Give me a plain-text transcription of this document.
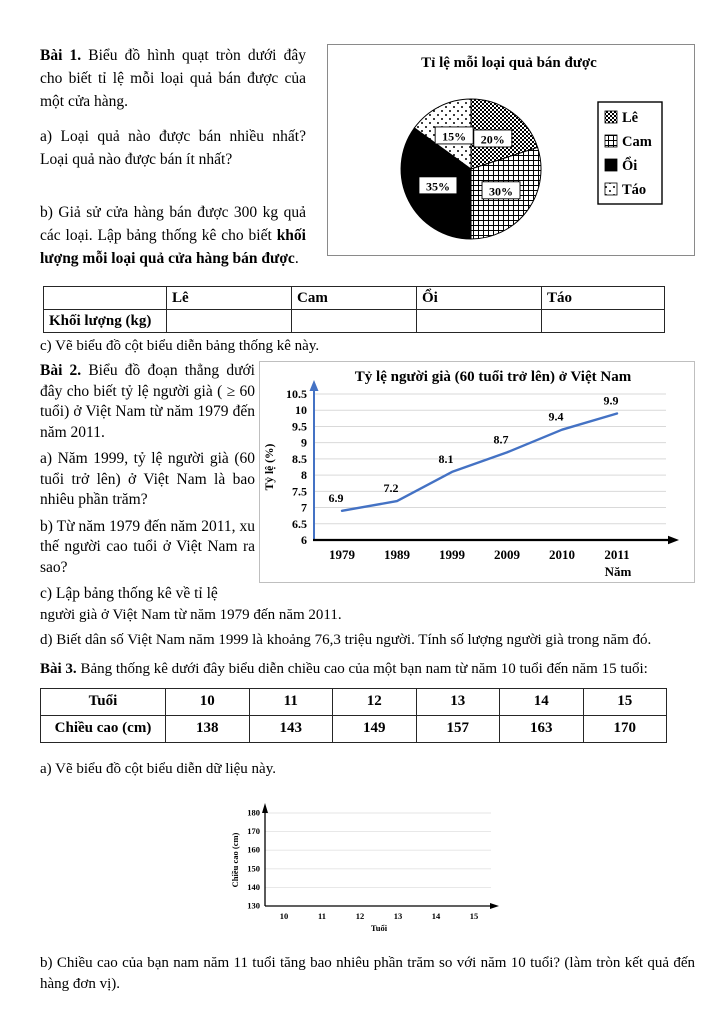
Tỉ lệ mỗi loại quả bán được
20%
30%
35%
15%
Lê
Cam
Ổi
Táo

Bài 1. Biểu đồ hình quạt tròn dưới đây cho biết tỉ lệ mỗi loại quả bán được của một cửa hàng.

a) Loại quả nào được bán nhiều nhất? Loại quả nào được bán ít nhất?

b) Giả sử cửa hàng bán được 300 kg quả các loại. Lập bảng thống kê cho biết khối lượng mỗi loại quả cửa hàng bán được.

	Lê	Cam	Ổi	Táo
Khối lượng (kg)				

c) Vẽ biểu đồ cột biểu diễn bảng thống kê này.

6
6.5
7
7.5
8
8.5
9
9.5
10
10.5
1979 1989 1999 2009 2010 2011
6.9
7.2
8.1
8.7
9.4
9.9
Năm
Tỷ lệ (%)
Tỷ lệ người già (60 tuổi trở lên) ở Việt Nam

Bài 2. Biểu đồ đoạn thẳng dưới đây cho biết tỷ lệ người già ( ≥ 60 tuổi) ở Việt Nam từ năm 1979 đến năm 2011.

a) Năm 1999, tỷ lệ người già (60 tuổi trở lên) ở Việt Nam là bao nhiêu phần trăm?

b) Từ năm 1979 đến năm 2011, xu thế người cao tuổi ở Việt Nam ra sao?

c) Lập bảng thống kê về tỉ lệ

người già ở Việt Nam từ năm 1979 đến năm 2011.

d) Biết dân số Việt Nam năm 1999 là khoảng 76,3 triệu người. Tính số lượng người già trong năm đó.

Bài 3. Bảng thống kê dưới đây biểu diễn chiều cao của một bạn nam từ năm 10 tuổi đến năm 15 tuổi:

Tuổi	10	11	12	13	14	15
Chiều cao (cm)	138	143	149	157	163	170

a) Vẽ biểu đồ cột biểu diễn dữ liệu này.

130
140
150
160
170
180
10	11	12	13	14	15
Tuổi
Chiều cao (cm)

b) Chiều cao của bạn nam năm 11 tuổi tăng bao nhiêu phần trăm so với năm 10 tuổi? (làm tròn kết quả đến hàng đơn vị).
